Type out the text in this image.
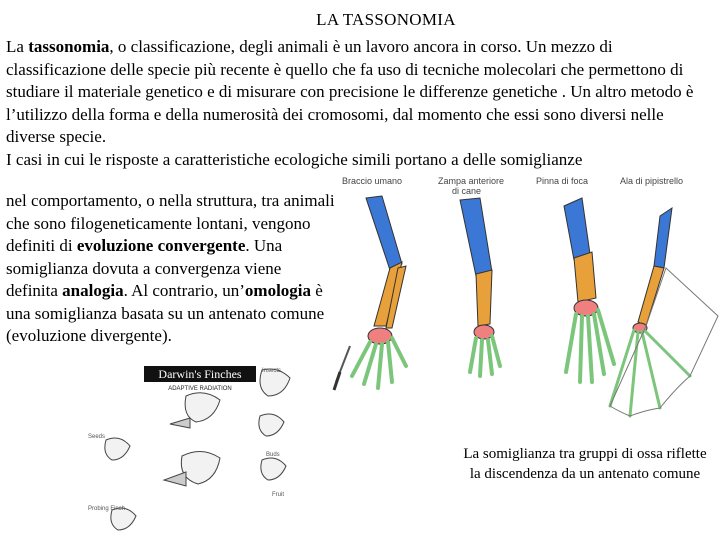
LA TASSONOMIA

La tassonomia, o classificazione, degli animali è un lavoro ancora in corso. Un mezzo di classificazione delle specie più recente è quello che fa uso di tecniche molecolari che permettono di studiare il materiale genetico e di misurare con precisione le differenze genetiche . Un altro metodo è l’utilizzo della forma e della numerosità dei cromosomi, dal momento che essi sono diversi nelle diverse specie.

I casi in cui le risposte a caratteristiche ecologiche simili portano a delle somiglianze

nel comportamento, o nella struttura, tra animali che sono filogeneticamente lontani, vengono definiti di evoluzione convergente. Una somiglianza dovuta a convergenza viene definita analogia. Al contrario, un’omologia è una somiglianza basata su un antenato comune (evoluzione divergente).
Braccio umano	Zampa anteriore
di cane
Pinna di foca	Ala di pipistrello
Darwin's Finches
ADAPTIVE RADIATION
Seeds
Insects
Buds
Fruit
Probing Finch
La somiglianza tra gruppi di ossa riflette la discendenza da un antenato comune
